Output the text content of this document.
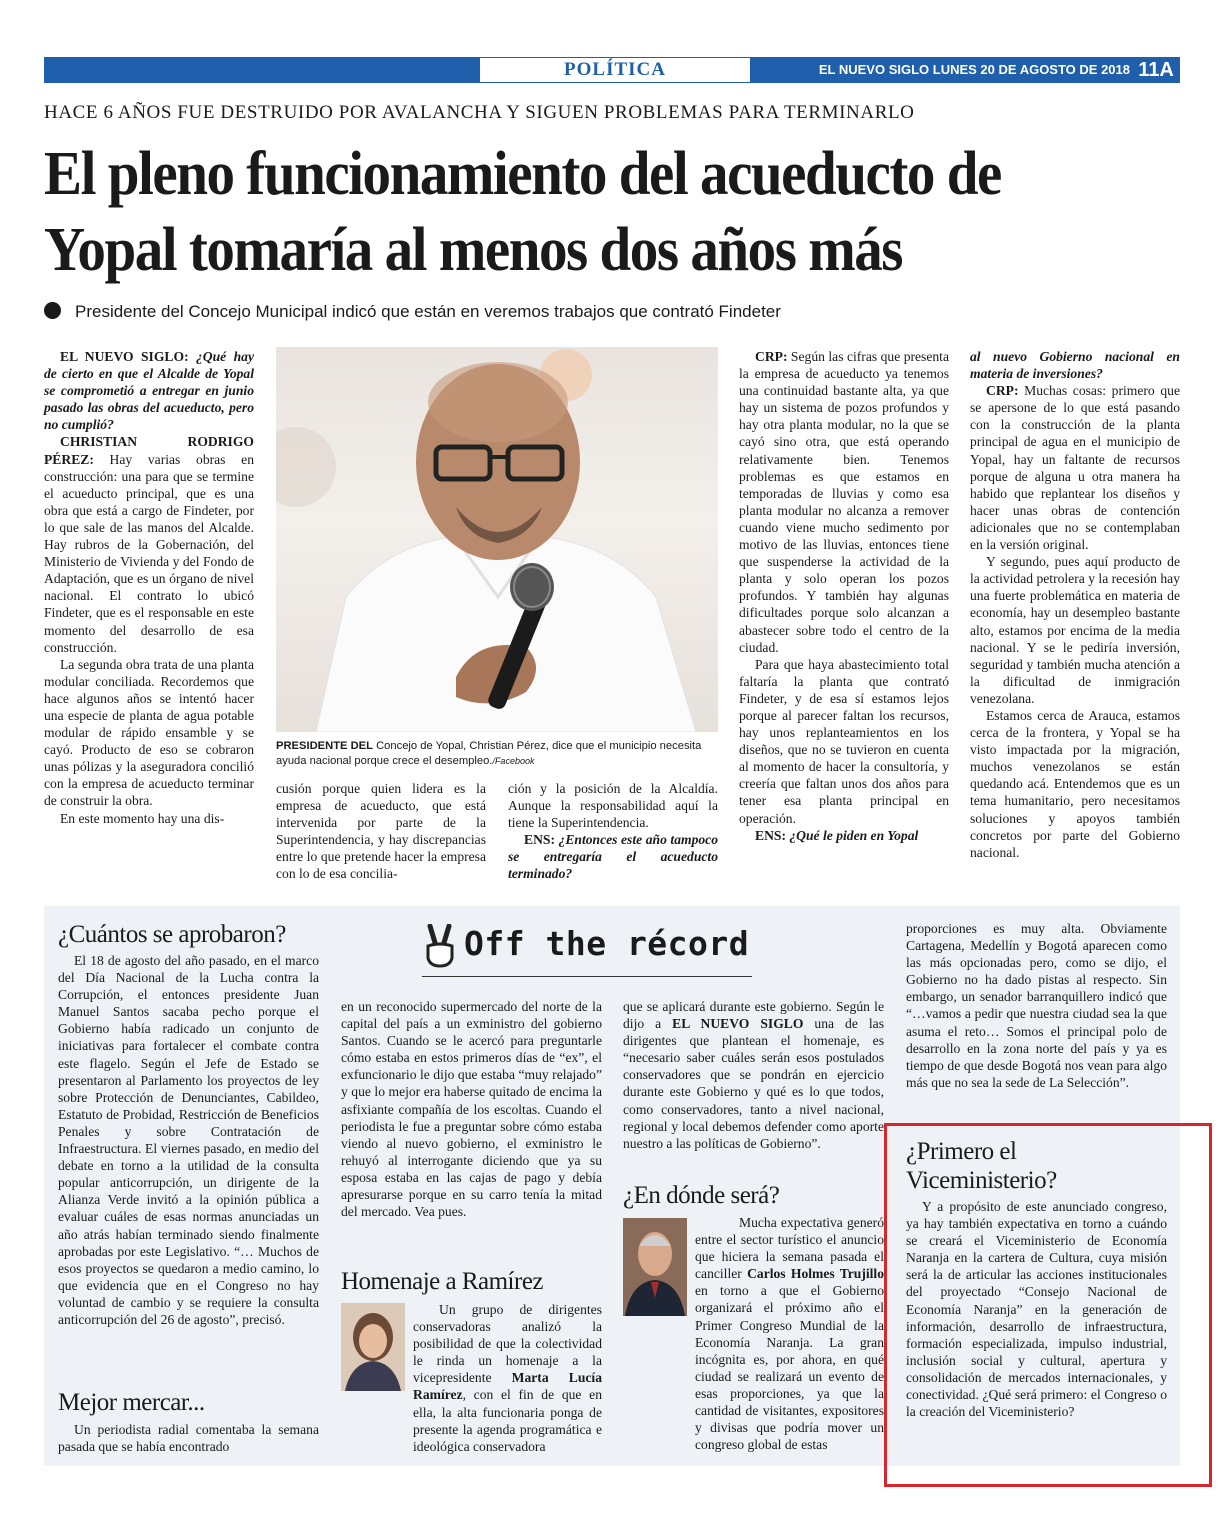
POLÍTICA	EL NUEVO SIGLO LUNES 20 DE AGOSTO DE 2018 11A
HACE 6 AÑOS FUE DESTRUIDO POR AVALANCHA Y SIGUEN PROBLEMAS PARA TERMINARLO
El pleno funcionamiento del acueducto de
Yopal tomaría al menos dos años más
Presidente del Concejo Municipal indicó que están en veremos trabajos que contrató Findeter

EL NUEVO SIGLO: ¿Qué hay de cierto en que el Alcalde de Yopal se comprometió a entregar en junio pasado las obras del acueducto, pero no cumplió?

CHRISTIAN RODRIGO PÉREZ: Hay varias obras en construcción: una para que se termine el acueducto principal, que es una obra que está a cargo de Findeter, por lo que sale de las manos del Alcalde. Hay rubros de la Gobernación, del Ministerio de Vivienda y del Fondo de Adaptación, que es un órgano de nivel nacional. El contrato lo ubicó Findeter, que es el responsable en este momento del desarrollo de esa construcción.

La segunda obra trata de una planta modular conciliada. Recordemos que hace algunos años se intentó hacer una especie de planta de agua potable modular de rápido ensamble y se cayó. Producto de eso se cobraron unas pólizas y la aseguradora concilió con la empresa de acueducto terminar de construir la obra.

En este momento hay una dis-

PRESIDENTE DEL Concejo de Yopal, Christian Pérez, dice que el municipio necesita ayuda nacional porque crece el desempleo./Facebook

cusión porque quien lidera es la empresa de acueducto, que está intervenida por parte de la Superintendencia, y hay discrepancias entre lo que pretende hacer la empresa con lo de esa concilia-

ción y la posición de la Alcaldía. Aunque la responsabilidad aquí la tiene la Superintendencia.

ENS: ¿Entonces este año tampoco se entregaría el acueducto terminado?

CRP: Según las cifras que presenta la empresa de acueducto ya tenemos una continuidad bastante alta, ya que hay un sistema de pozos profundos y hay otra planta modular, no la que se cayó sino otra, que está operando relativamente bien. Tenemos problemas es que estamos en temporadas de lluvias y como esa planta modular no alcanza a remover cuando viene mucho sedimento por motivo de las lluvias, entonces tiene que suspenderse la actividad de la planta y solo operan los pozos profundos. Y también hay algunas dificultades porque solo alcanzan a abastecer sobre todo el centro de la ciudad.

Para que haya abastecimiento total faltaría la planta que contrató Findeter, y de esa sí estamos lejos porque al parecer faltan los recursos, hay unos replanteamientos en los diseños, que no se tuvieron en cuenta al momento de hacer la consultoría, y creería que faltan unos dos años para tener esa planta principal en operación.

ENS: ¿Qué le piden en Yopal

al nuevo Gobierno nacional en materia de inversiones?

CRP: Muchas cosas: primero que se apersone de lo que está pasando con la construcción de la planta principal de agua en el municipio de Yopal, hay un faltante de recursos porque de alguna u otra manera ha habido que replantear los diseños y hacer unas obras de contención adicionales que no se contemplaban en la versión original.

Y segundo, pues aquí producto de la actividad petrolera y la recesión hay una fuerte problemática en materia de economía, hay un desempleo bastante alto, estamos por encima de la media nacional. Y se le pediría inversión, seguridad y también mucha atención a la dificultad de inmigración venezolana.

Estamos cerca de Arauca, estamos cerca de la frontera, y Yopal se ha visto impactada por la migración, muchos venezolanos se están quedando acá. Entendemos que es un tema humanitario, pero necesitamos soluciones y apoyos también concretos por parte del Gobierno nacional.

Off the récord
¿Cuántos se aprobaron?

El 18 de agosto del año pasado, en el marco del Día Nacional de la Lucha contra la Corrupción, el entonces presidente Juan Manuel Santos sacaba pecho porque el Gobierno había radicado un conjunto de iniciativas para fortalecer el combate contra este flagelo. Según el Jefe de Estado se presentaron al Parlamento los proyectos de ley sobre Protección de Denunciantes, Cabildeo, Estatuto de Probidad, Restricción de Beneficios Penales y sobre Contratación de Infraestructura. El viernes pasado, en medio del debate en torno a la utilidad de la consulta popular anticorrupción, un dirigente de la Alianza Verde invitó a la opinión pública a evaluar cuáles de esas normas anunciadas un año atrás habían terminado siendo finalmente aprobadas por este Legislativo. “… Muchos de esos proyectos se quedaron a medio camino, lo que evidencia que en el Congreso no hay voluntad de cambio y se requiere la consulta anticorrupción del 26 de agosto”, precisó.

Mejor mercar...

Un periodista radial comentaba la semana pasada que se había encontrado

en un reconocido supermercado del norte de la capital del país a un exministro del gobierno Santos. Cuando se le acercó para preguntarle cómo estaba en estos primeros días de “ex”, el exfuncionario le dijo que estaba “muy relajado” y que lo mejor era haberse quitado de encima la asfixiante compañía de los escoltas. Cuando el periodista le fue a preguntar sobre cómo estaba viendo al nuevo gobierno, el exministro le rehuyó al interrogante diciendo que ya su esposa estaba en las cajas de pago y debía apresurarse porque en su carro tenía la mitad del mercado. Vea pues.

Homenaje a Ramírez

Un grupo de dirigentes conservadoras analizó la posibilidad de que la colectividad le rinda un homenaje a la vicepresidente Marta Lucía Ramírez, con el fin de que en ella, la alta funcionaria ponga de presente la agenda programática e ideológica conservadora

que se aplicará durante este gobierno. Según le dijo a EL NUEVO SIGLO una de las dirigentes que plantean el homenaje, es “necesario saber cuáles serán esos postulados conservadores que se pondrán en ejercicio durante este Gobierno y qué es lo que todos, como conservadores, tanto a nivel nacional, regional y local debemos defender como aporte nuestro a las políticas de Gobierno”.

¿En dónde será?

Mucha expectativa generó entre el sector turístico el anuncio que hiciera la semana pasada el canciller Carlos Holmes Trujillo en torno a que el Gobierno organizará el próximo año el Primer Congreso Mundial de la Economía Naranja. La gran incógnita es, por ahora, en qué ciudad se realizará un evento de esas proporciones, ya que la cantidad de visitantes, expositores y divisas que podría mover un congreso global de estas

proporciones es muy alta. Obviamente Cartagena, Medellín y Bogotá aparecen como las más opcionadas pero, como se dijo, el Gobierno no ha dado pistas al respecto. Sin embargo, un senador barranquillero indicó que “…vamos a pedir que nuestra ciudad sea la que asuma el reto… Somos el principal polo de desarrollo en la zona norte del país y ya es tiempo de que desde Bogotá nos vean para algo más que no sea la sede de La Selección”.

¿Primero el
Viceministerio?

Y a propósito de este anunciado congreso, ya hay también expectativa en torno a cuándo se creará el Viceministerio de Economía Naranja en la cartera de Cultura, cuya misión será la de articular las acciones institucionales del proyectado “Consejo Nacional de Economía Naranja” en la generación de información, desarrollo de infraestructura, formación especializada, impulso industrial, inclusión social y cultural, apertura y consolidación de mercados internacionales, y conectividad. ¿Qué será primero: el Congreso o la creación del Viceministerio?
